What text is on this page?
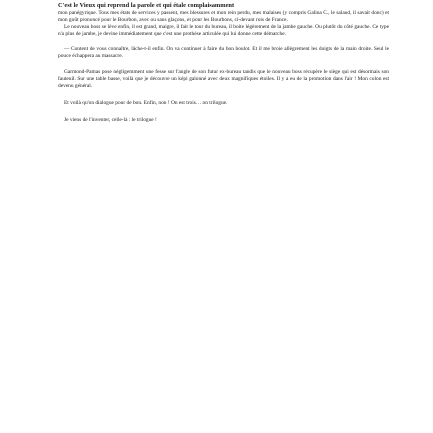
C'est le Vieux qui reprend la parole et qui étale complaisamment

mon panégyrique. Tous mes états de services y passent, mes blessures et mon rein perdu, mes malaises (y compris Galina C., le salaud, il savait donc) et mon goût prononcé pour le Bourbon, avec ou sans glaçons, et pour les Bourbons, ci-devant rois de France.

Le nouveau boss se lève enfin, il est grand, maigre, il fait le tour du bureau, il boite légèrement de la jambe gauche. Ou plutôt du côté gauche. Ce type n'a plus de jambe, je devine immédiatement que c'est une prothèse articulée qui lui donne cette démarche.

— Content de vous connaître, lâche-t-il enfin. On va continuer à faire du bon boulot. Et il me broie allègrement les doigts de la main droite. Seul le pouce échappera au massacre.

Garmond-Pamas pose négligemment une fesse sur l'angle de son futur ex-bureau tandis que le nouveau boss récupère le siège qui est désormais son fauteuil. Sur une table basse, voilà que je découvre un képi galonné avec deux magnifiques étoiles. Il y a eu de la promotion dans l'air ! Mon colon est devenu général.

Et voilà qu'on dialogue pour de bon. Enfin, non ! On est trois… on trilogue.

Je viens de l'inventer, celle-là : le trilogue !
